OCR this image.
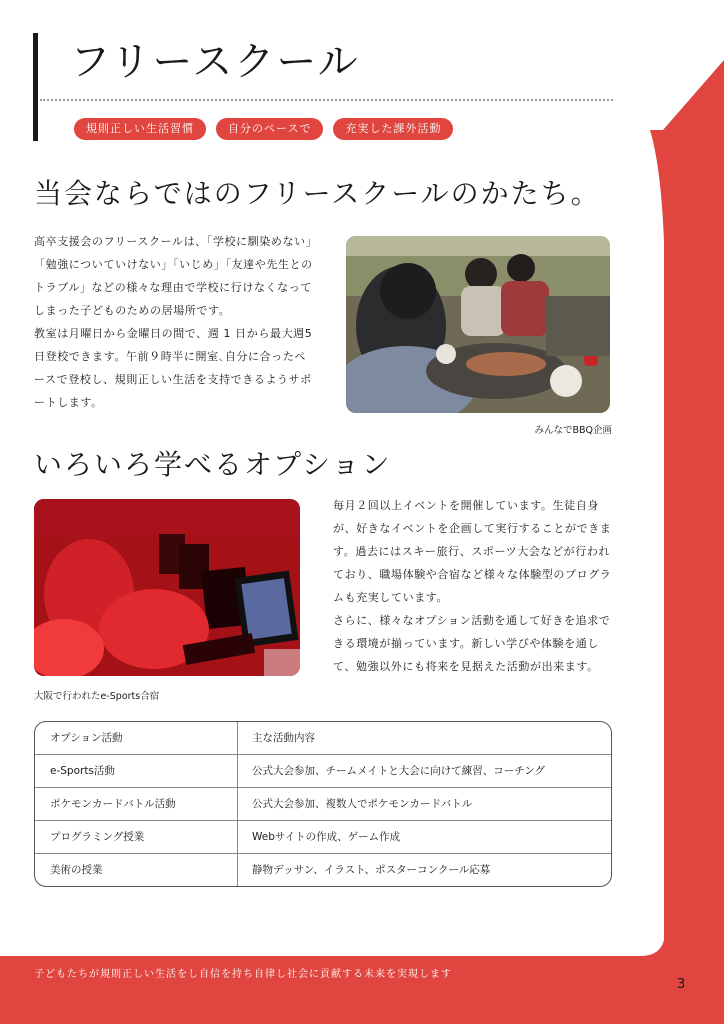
フリースクール
規則正しい生活習慣	自分のペースで	充実した課外活動
当会ならではのフリースクールのかたち。

高卒支援会のフリースクールは、「学校に馴染めない」「勉強についていけない」「いじめ」「友達や先生とのトラブル」などの様々な理由で学校に行けなくなってしまった子どものための居場所です。

教室は月曜日から金曜日の間で、週 1 日から最大週5日登校できます。午前９時半に開室､自分に合ったペースで登校し、規則正しい生活を支持できるようサポートします。

みんなでBBQ企画
いろいろ学べるオプション
大阪で行われたe-Sports合宿

毎月２回以上イベントを開催しています。生徒自身が、好きなイベントを企画して実行することができます。過去にはスキー旅行、スポーツ大会などが行われており、職場体験や合宿など様々な体験型のプログラムも充実しています。

さらに、様々なオプション活動を通して好きを追求できる環境が揃っています。新しい学びや体験を通して、勉強以外にも将来を見据えた活動が出来ます。

オプション活動	主な活動内容
e-Sports活動	公式大会参加、チームメイトと大会に向けて練習、コーチング
ポケモンカードバトル活動	公式大会参加、複数人でポケモンカードバトル
プログラミング授業	Webサイトの作成、ゲーム作成
美術の授業	静物デッサン、イラスト、ポスターコンクール応募
子どもたちが規則正しい生活をし自信を持ち自律し社会に貢献する未来を実現します
3
